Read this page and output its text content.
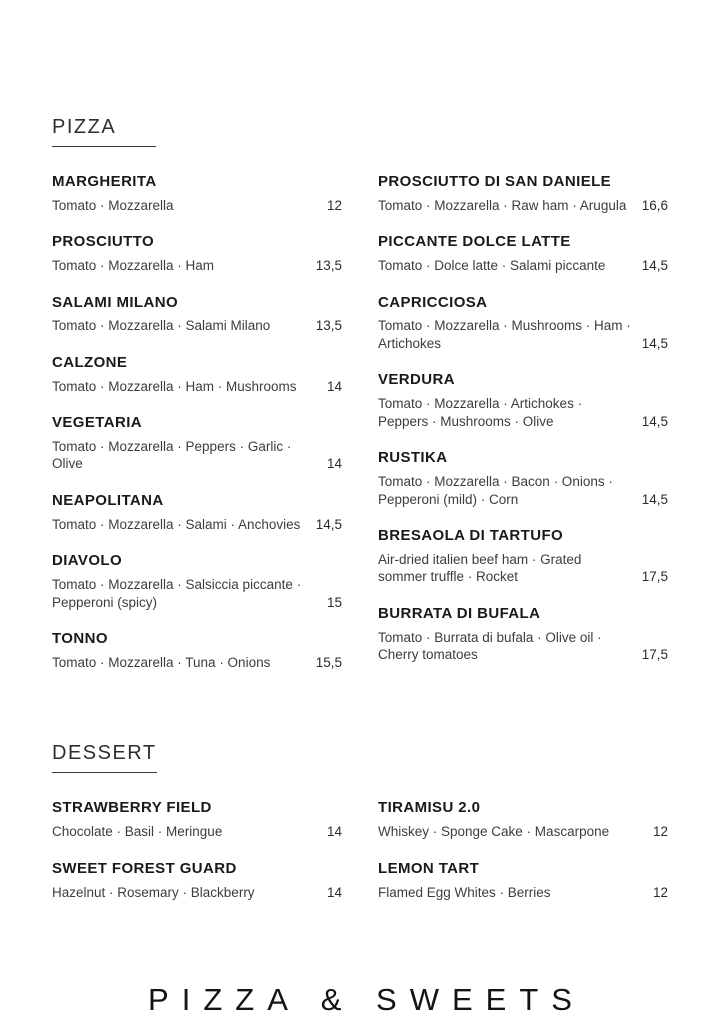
PIZZA
MARGHERITA
Tomato · Mozzarella	12
PROSCIUTTO
Tomato · Mozzarella · Ham	13,5
SALAMI MILANO
Tomato · Mozzarella · Salami Milano	13,5
CALZONE
Tomato · Mozzarella · Ham · Mushrooms	14
VEGETARIA
Tomato · Mozzarella · Peppers · Garlic · Olive	14
NEAPOLITANA
Tomato · Mozzarella · Salami · Anchovies	14,5
DIAVOLO
Tomato · Mozzarella · Salsiccia piccante · Pepperoni (spicy)	15
TONNO
Tomato · Mozzarella · Tuna · Onions	15,5
PROSCIUTTO DI SAN DANIELE
Tomato · Mozzarella · Raw ham · Arugula	16,6
PICCANTE DOLCE LATTE
Tomato · Dolce latte · Salami piccante	14,5
CAPRICCIOSA
Tomato · Mozzarella · Mushrooms · Ham · Artichokes	14,5
VERDURA
Tomato · Mozzarella · Artichokes · Peppers · Mushrooms · Olive	14,5
RUSTIKA
Tomato · Mozzarella · Bacon · Onions · Pepperoni (mild) · Corn	14,5
BRESAOLA DI TARTUFO
Air-dried italien beef ham · Grated sommer truffle · Rocket	17,5
BURRATA DI BUFALA
Tomato · Burrata di bufala · Olive oil · Cherry tomatoes	17,5
DESSERT
STRAWBERRY FIELD
Chocolate · Basil · Meringue	14
SWEET FOREST GUARD
Hazelnut · Rosemary · Blackberry	14
TIRAMISU 2.0
Whiskey · Sponge Cake · Mascarpone	12
LEMON TART
Flamed Egg Whites · Berries	12
PIZZA & SWEETS
